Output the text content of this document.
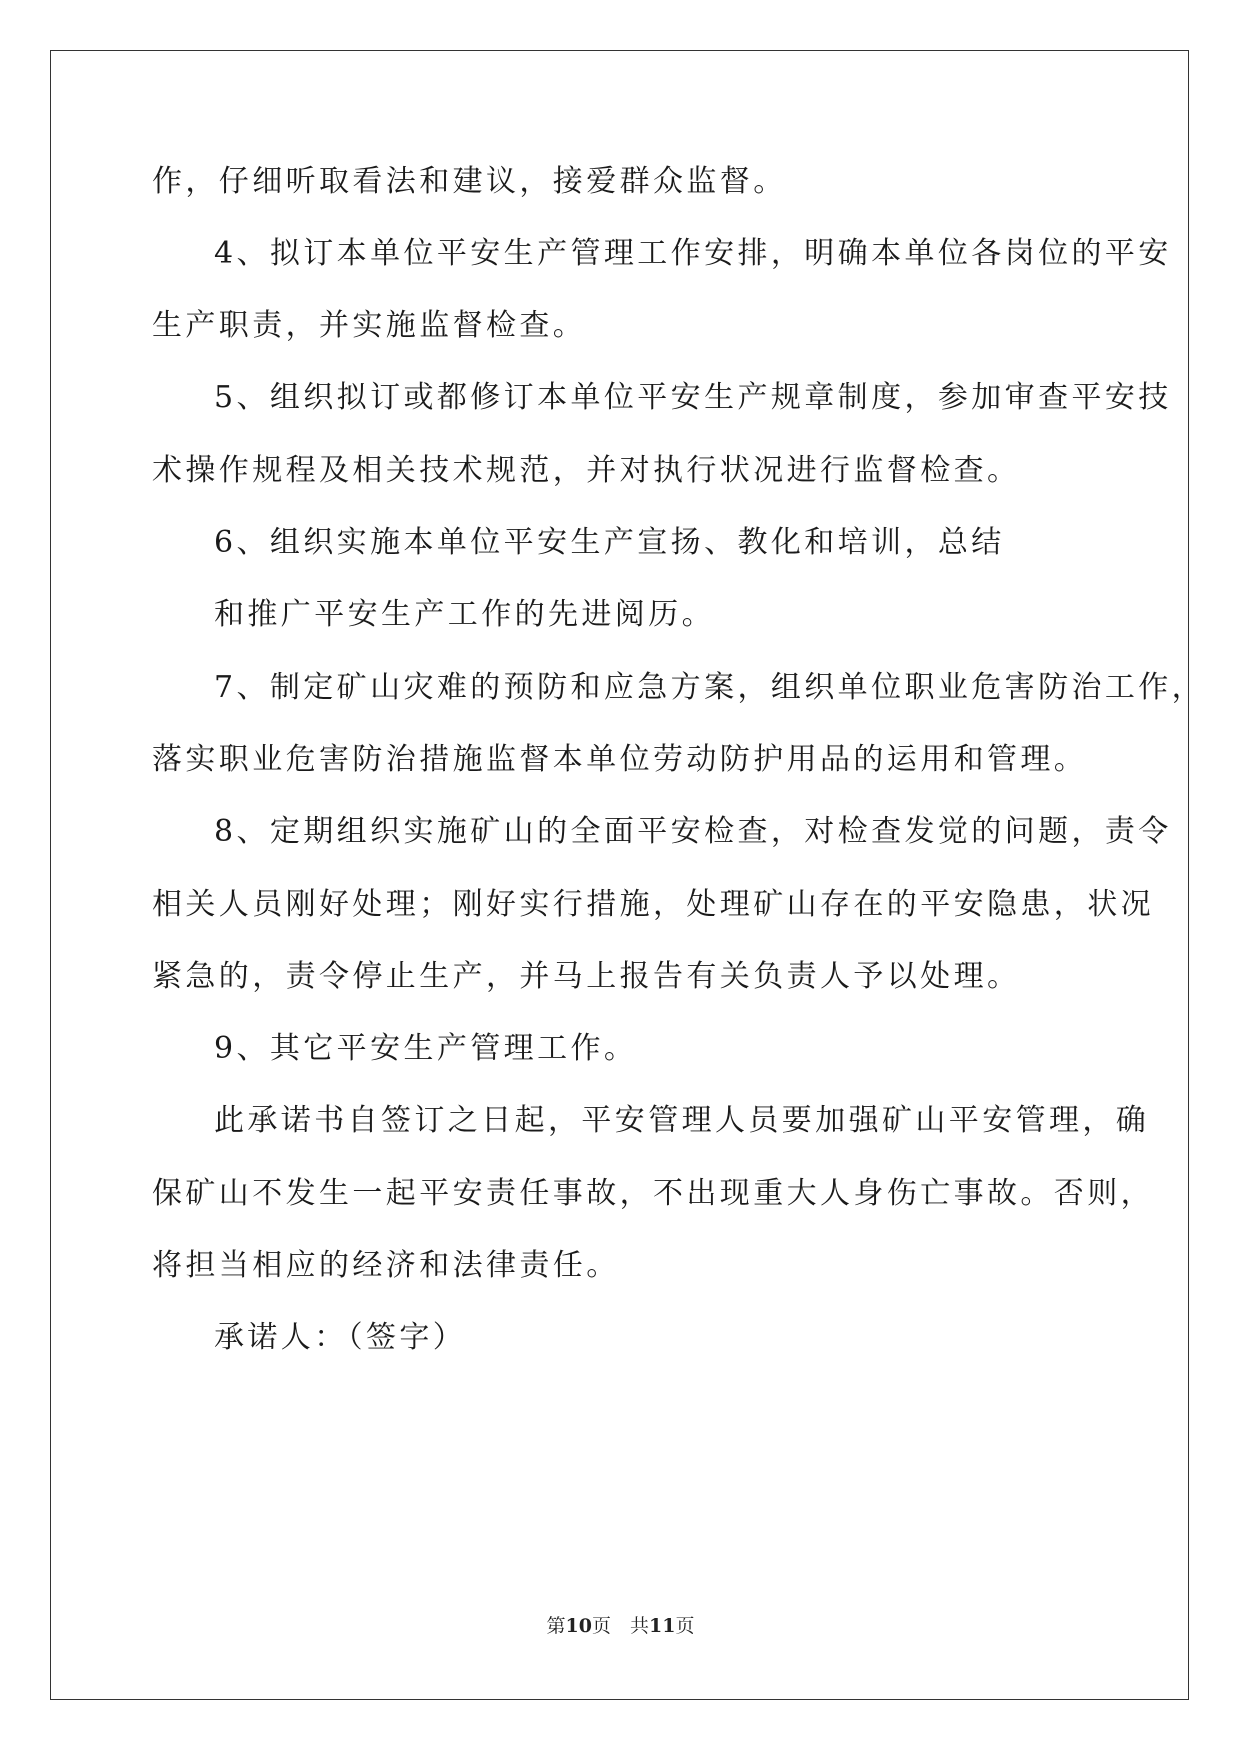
作，仔细听取看法和建议，接爱群众监督。
4、拟订本单位平安生产管理工作安排，明确本单位各岗位的平安
生产职责，并实施监督检查。
5、组织拟订或都修订本单位平安生产规章制度，参加审查平安技
术操作规程及相关技术规范，并对执行状况进行监督检查。
6、组织实施本单位平安生产宣扬、教化和培训，总结
和推广平安生产工作的先进阅历。
7、制定矿山灾难的预防和应急方案，组织单位职业危害防治工作，
落实职业危害防治措施监督本单位劳动防护用品的运用和管理。
8、定期组织实施矿山的全面平安检查，对检查发觉的问题，责令
相关人员刚好处理；刚好实行措施，处理矿山存在的平安隐患，状况
紧急的，责令停止生产，并马上报告有关负责人予以处理。
9、其它平安生产管理工作。
此承诺书自签订之日起，平安管理人员要加强矿山平安管理，确
保矿山不发生一起平安责任事故，不出现重大人身伤亡事故。否则，
将担当相应的经济和法律责任。
承诺人：（签字）
第10页　共11页
